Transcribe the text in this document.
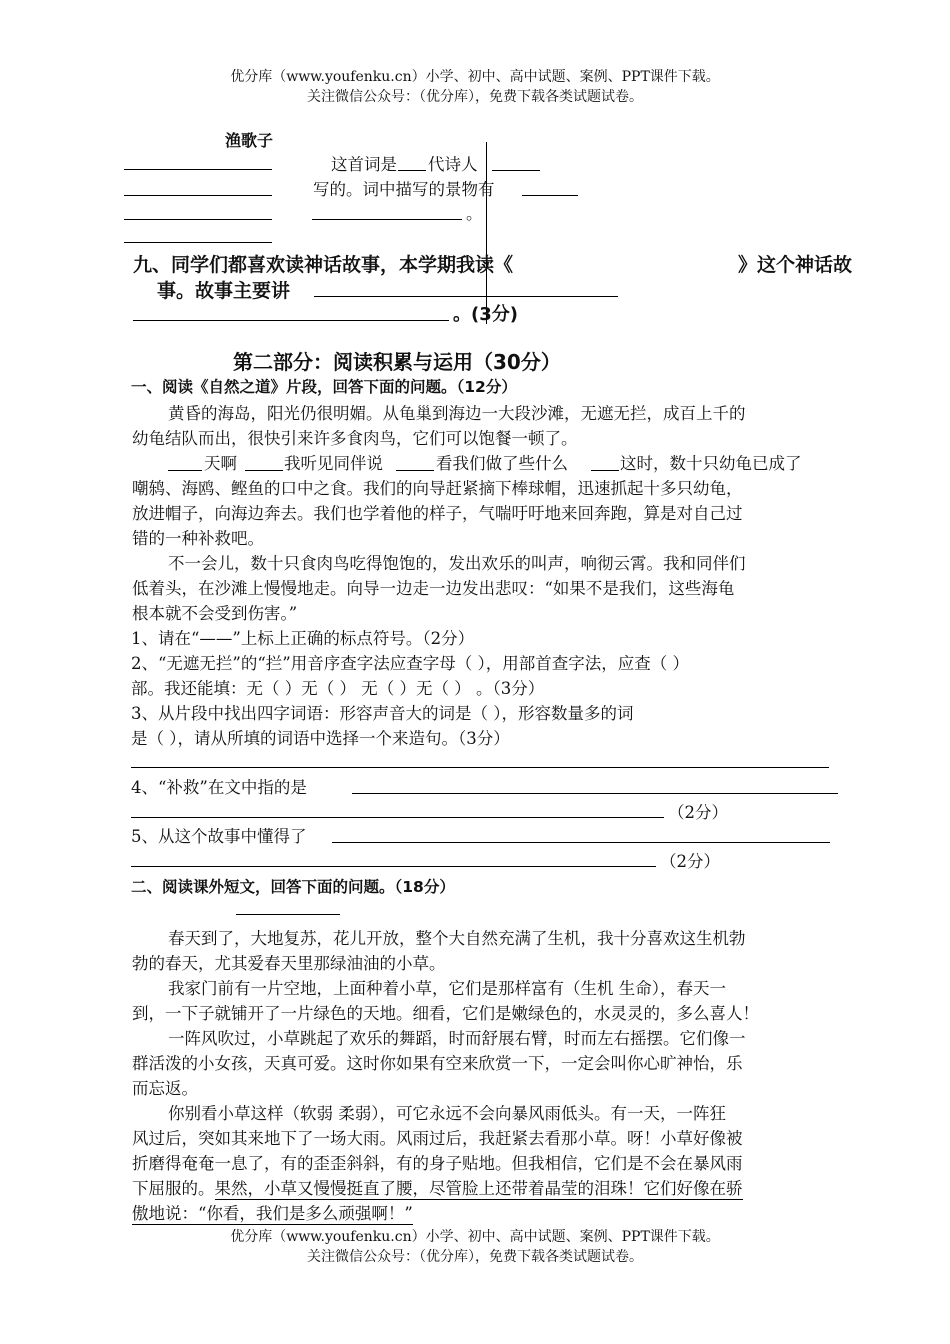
优分库（www.youfenku.cn）小学、初中、高中试题、案例、PPT课件下载。
关注微信公众号：（优分库），免费下载各类试题试卷。
渔歌子
这首词是 代诗人
写的。词中描写的景物有
。
九、同学们都喜欢读神话故事，本学期我读《	》这个神话故
事。故事主要讲
。(3分)
第二部分：阅读积累与运用（30分）
一、阅读《自然之道》片段，回答下面的问题。（12分）
黄昏的海岛，阳光仍很明媚。从龟巢到海边一大段沙滩，无遮无拦，成百上千的
幼龟结队而出，很快引来许多食肉鸟，它们可以饱餐一顿了。
天啊	我听见同伴说	看我们做了些什么	这时，数十只幼龟已成了
嘲鸫、海鸥、鲣鱼的口中之食。我们的向导赶紧摘下棒球帽，迅速抓起十多只幼龟，
放进帽子，向海边奔去。我们也学着他的样子，气喘吁吁地来回奔跑，算是对自己过
错的一种补救吧。
不一会儿，数十只食肉鸟吃得饱饱的，发出欢乐的叫声，响彻云霄。我和同伴们
低着头，在沙滩上慢慢地走。向导一边走一边发出悲叹：“如果不是我们，这些海龟
根本就不会受到伤害。”
1、请在“——”上标上正确的标点符号。（2分）
2、“无遮无拦”的“拦”用音序查字法应查字母（ ），用部首查字法，应查（ ）
部。我还能填：无（ ）无（ ） 无（ ）无（ ） 。（3分）
3、从片段中找出四字词语：形容声音大的词是（ ），形容数量多的词
是（ ），请从所填的词语中选择一个来造句。（3分）
4、“补救”在文中指的是
（2分）
5、从这个故事中懂得了
（2分）
二、阅读课外短文，回答下面的问题。（18分）
春天到了，大地复苏，花儿开放，整个大自然充满了生机，我十分喜欢这生机勃
勃的春天，尤其爱春天里那绿油油的小草。
我家门前有一片空地，上面种着小草，它们是那样富有（生机 生命），春天一
到，一下子就铺开了一片绿色的天地。细看，它们是嫩绿色的，水灵灵的，多么喜人！
一阵风吹过，小草跳起了欢乐的舞蹈，时而舒展右臂，时而左右摇摆。它们像一
群活泼的小女孩，天真可爱。这时你如果有空来欣赏一下，一定会叫你心旷神怡，乐
而忘返。
你别看小草这样（软弱 柔弱），可它永远不会向暴风雨低头。有一天，一阵狂
风过后，突如其来地下了一场大雨。风雨过后，我赶紧去看那小草。呀！小草好像被
折磨得奄奄一息了，有的歪歪斜斜，有的身子贴地。但我相信，它们是不会在暴风雨
下屈服的。果然，小草又慢慢挺直了腰，尽管脸上还带着晶莹的泪珠！它们好像在骄
傲地说：“你看，我们是多么顽强啊！”
优分库（www.youfenku.cn）小学、初中、高中试题、案例、PPT课件下载。
关注微信公众号：（优分库），免费下载各类试题试卷。
